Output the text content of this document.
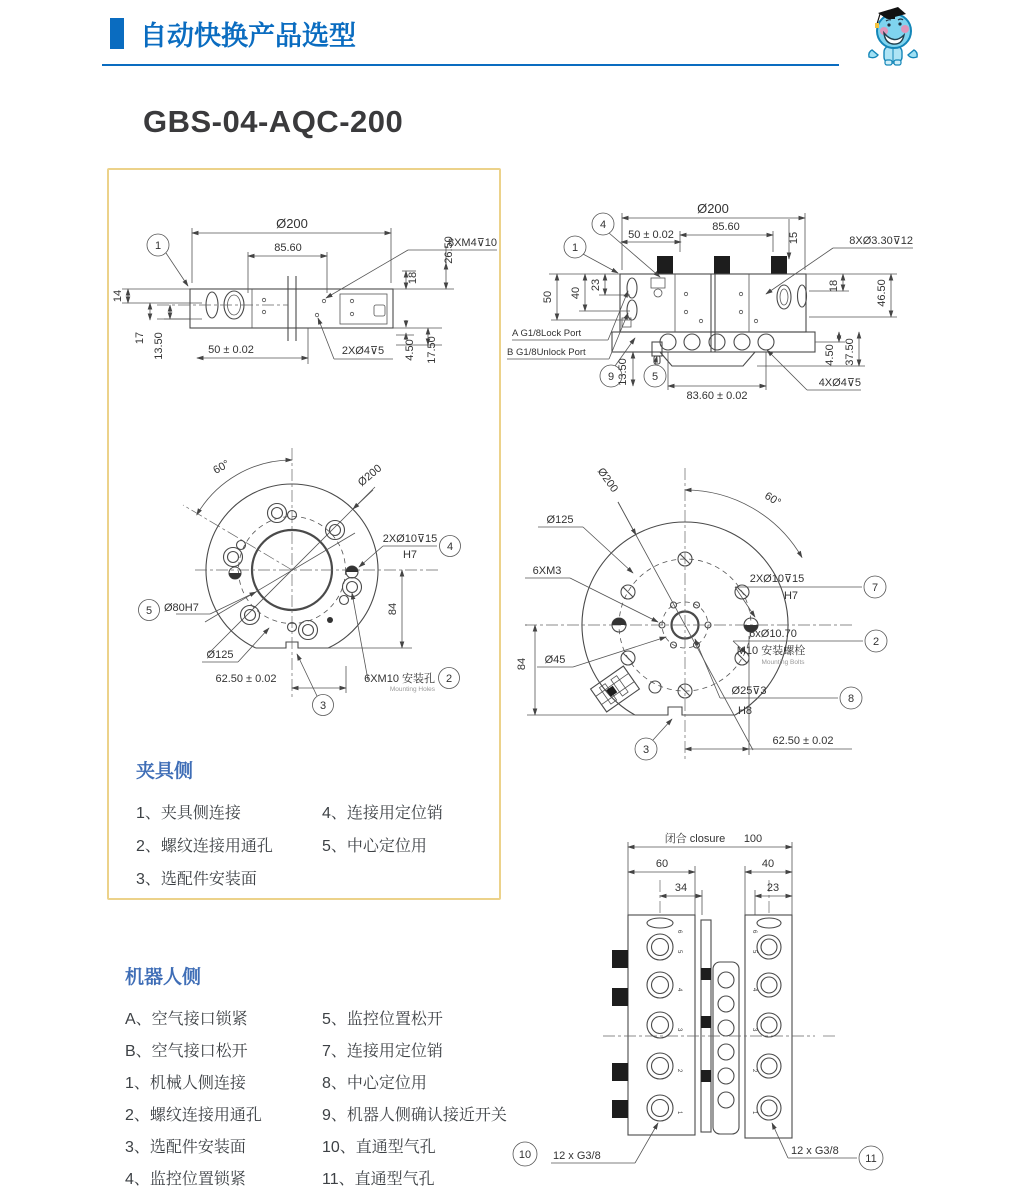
自动快换产品选型
GBS-04-AQC-200
1
Ø200
85.60	8XM4⊽10
26.50
18
14
17 13.50	50 ± 0.02	2XØ4⊽5 4.50 17.50
4
1
9	5
Ø200
85.60
50 ± 0.02	15	8XØ3.30⊽12
50 40
23
A G1/8Lock Port
B G1/8Unlock Port
13.50
83.60 ± 0.02
4.50 37.50
18	46.50
4XØ4⊽5
60°
4
5
2
3
Ø200
2XØ10⊽15
H7
Ø80H7	84
Ø125
62.50 ± 0.02	6XM10 安装孔
Mounting Holes
60°
7
2
8
3
Ø200
Ø125
6XM3
2XØ10⊽15
H7
6xØ10.70
M10 安装螺栓
Mounting Bolts
Ø25⊽3
H8
84 Ø45
62.50 ± 0.02
6
5
4
3
2
1
6
5
4
3
2
1
10	11
闭合 closure 100
60	40
34	23
12 x G3/8	12 x G3/8
夹具侧
1、夹具侧连接
2、螺纹连接用通孔
3、选配件安装面
4、连接用定位销
5、中心定位用
机器人侧
A、空气接口锁紧
B、空气接口松开
1、机械人侧连接
2、螺纹连接用通孔
3、选配件安装面
4、监控位置锁紧
5、监控位置松开
7、连接用定位销
8、中心定位用
9、机器人侧确认接近开关
10、直通型气孔
11、直通型气孔
